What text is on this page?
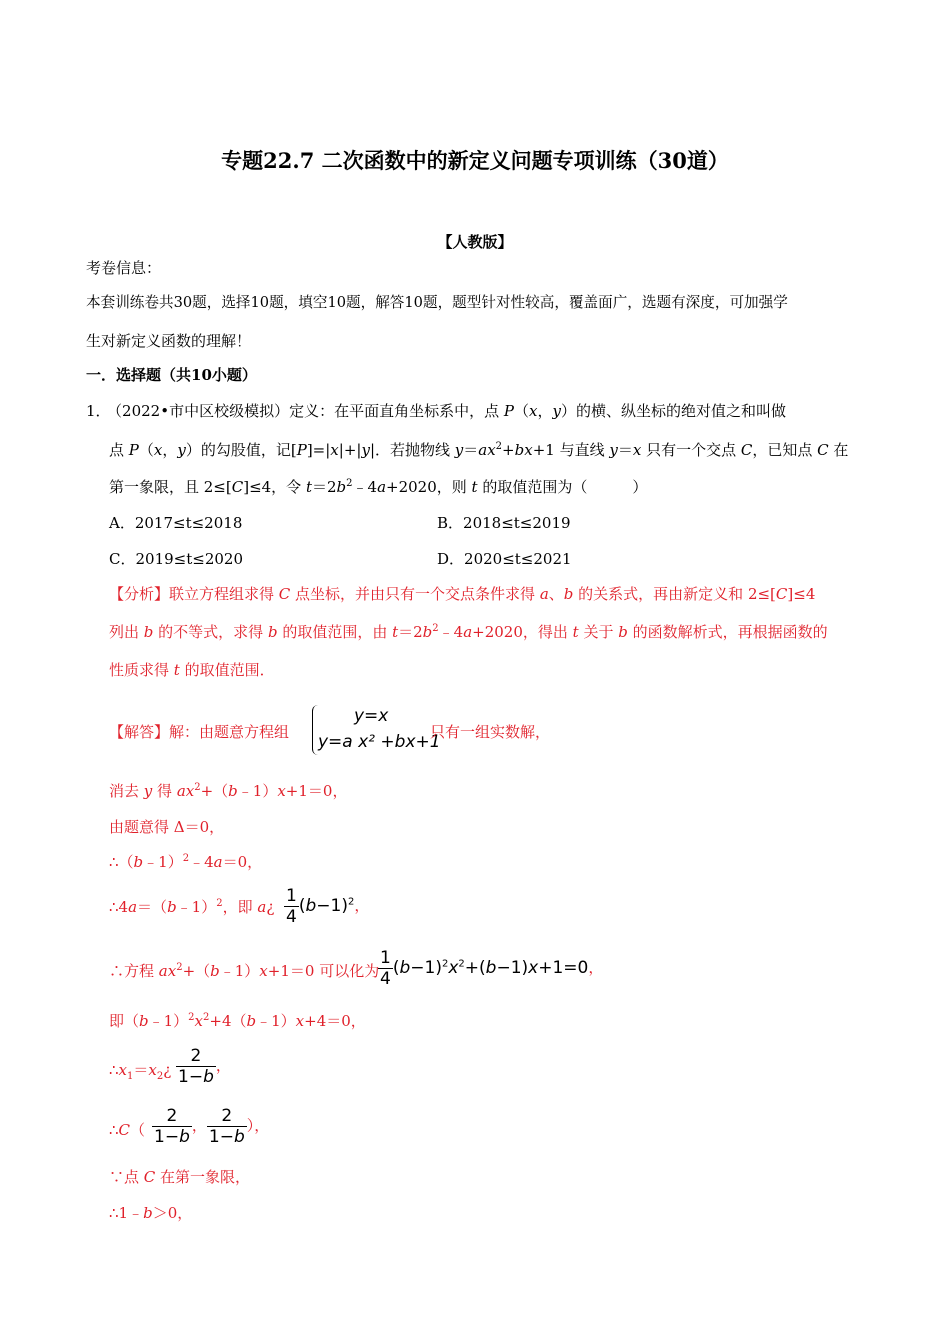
专题22.7 二次函数中的新定义问题专项训练（30道）
【人教版】
考卷信息：
本套训练卷共30题，选择10题，填空10题，解答10题，题型针对性较高，覆盖面广，选题有深度，可加强学
生对新定义函数的理解！
一．选择题（共10小题）
1． （2022•市中区校级模拟）定义：在平面直角坐标系中，点 P（x，y）的横、纵坐标的绝对值之和叫做
点 P（x，y）的勾股值，记[P]=|x|+|y|．若抛物线 $y=ax^2+bx+1$ 与直线 y＝x 只有一个交点 C，已知点 C 在
第一象限，且 2≤[C]≤4，令 $t=2b^2﹣4a+2020$，则 t 的取值范围为（　　　）
A．2017≤t≤2018	B．2018≤t≤2019
C．2019≤t≤2020	D．2020≤t≤2021
【分析】联立方程组求得 C 点坐标，并由只有一个交点条件求得 a、b 的关系式，再由新定义和 2≤[C]≤4
列出 b 的不等式，求得 b 的取值范围，由 $t=2b^2﹣4a+2020$，得出 t 关于 b 的函数解析式，再根据函数的
性质求得 t 的取值范围．
【解答】解：由题意方程组
y=x
y=a x² +bx+1
只有一组实数解，
消去 y 得 $ax^2+(b﹣1)x+1=0$，
由题意得 Δ＝0，
∴（b﹣1）$^2$﹣4a＝0，
∴4a＝（b﹣1）$^2$，即 a¿ $\frac{1}{4} (b-1)^2$，
∴方程 $ax^2+(b﹣1)x+1=0$ 可以化为
$\frac{1}{4} (b-1)^2x^2+(b-1)x+1=0$，
即$(b﹣1)^2x^2+4(b﹣1)x+4=0$，
$\therefore x_1=x_2¿ \frac{2}{1-b}$ ，
∴C（ $\frac{2}{1-b}$ ， $\frac{2}{1-b}$ ），
∵点 C 在第一象限，
∴1﹣b＞0，
